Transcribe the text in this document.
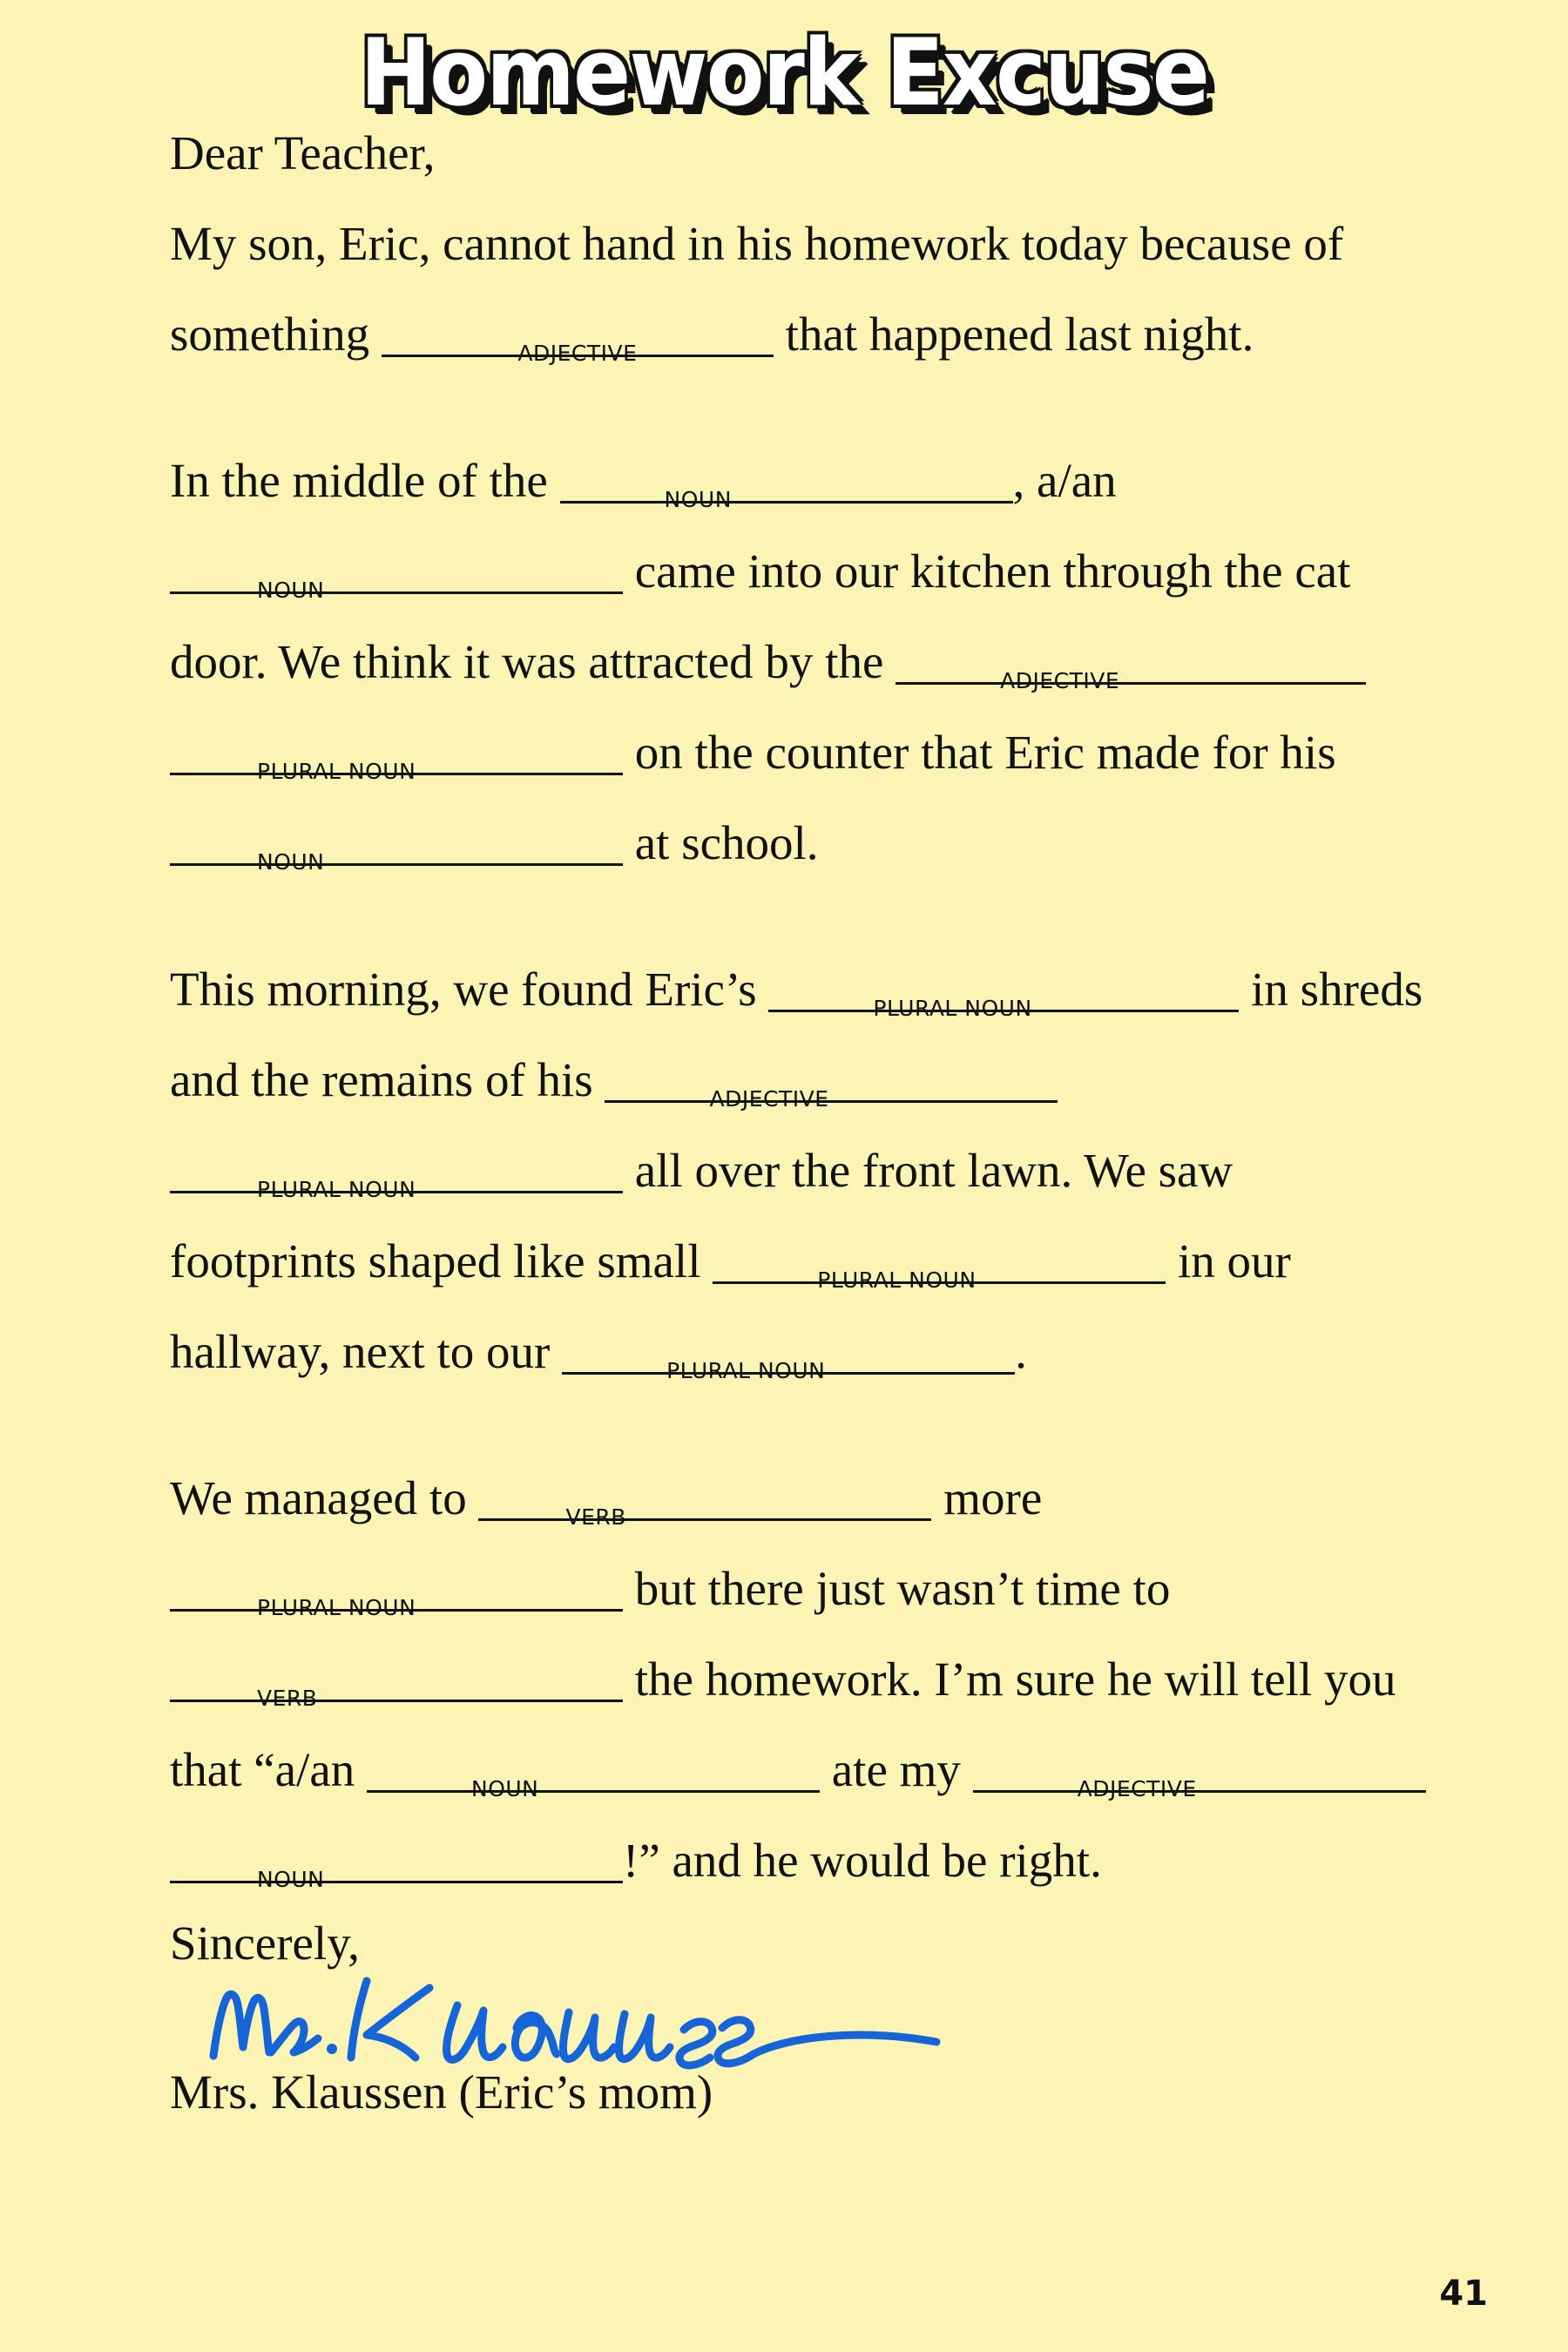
Homework Excuse
Dear Teacher,
My son, Eric, cannot hand in his homework today because of
something	ADJECTIVE	that happened last night.
In the middle of the	NOUN	, a/an
NOUN	came into our kitchen through the cat
door. We think it was attracted by the	ADJECTIVE
PLURAL NOUN	on the counter that Eric made for his
NOUN	at school.
This morning, we found Eric’s	PLURAL NOUN	in shreds
and the remains of his	ADJECTIVE
PLURAL NOUN	all over the front lawn. We saw
footprints shaped like small	PLURAL NOUN	in our
hallway, next to our	PLURAL NOUN	.
We managed to	VERB	more
PLURAL NOUN	but there just wasn’t time to
VERB	the homework. I’m sure he will tell you
that “a/an	NOUN	ate my	ADJECTIVE
NOUN	!” and he would be right.
Sincerely,
Mrs. Klaussen (Eric’s mom)
41
